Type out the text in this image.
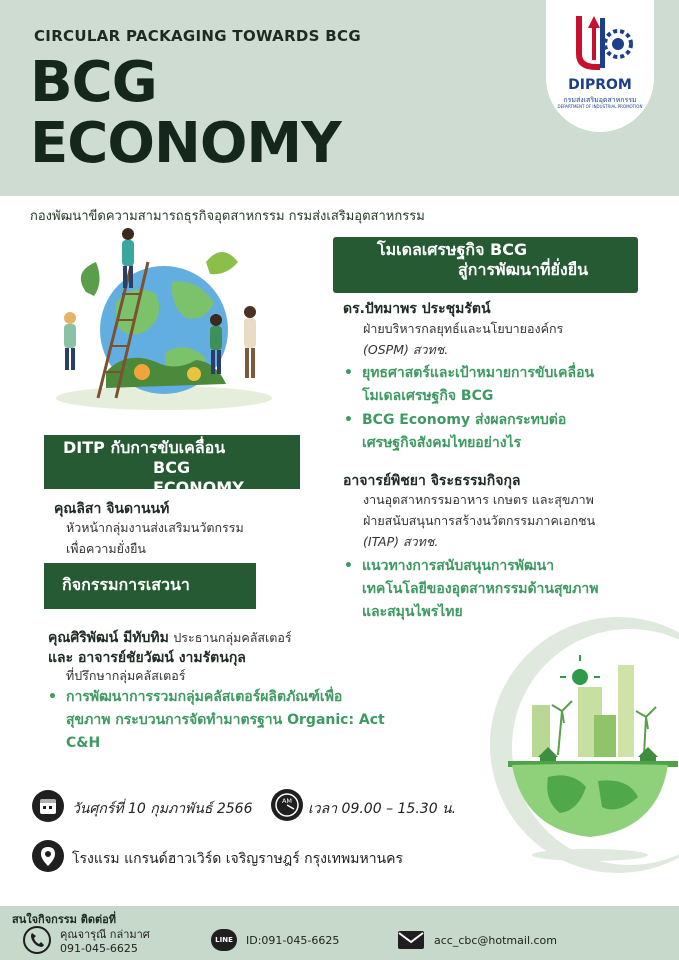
CIRCULAR PACKAGING TOWARDS BCG
BCG
ECONOMY
DIPROM
กรมส่งเสริมอุตสาหกรรม
DEPARTMENT OF INDUSTRIAL PROMOTION
กองพัฒนาขีดความสามารถธุรกิจอุตสาหกรรม กรมส่งเสริมอุตสาหกรรม
โมเดลเศรษฐกิจ BCG
สู่การพัฒนาที่ยั่งยืน
ดร.ปัทมาพร ประชุมรัตน์
ฝ่ายบริหารกลยุทธ์และนโยบายองค์กร
(OSPM) สวทช.
• ยุทธศาสตร์และเป้าหมายการขับเคลื่อน
โมเดลเศรษฐกิจ BCG
• BCG Economy ส่งผลกระทบต่อ
เศรษฐกิจสังคมไทยอย่างไร
อาจารย์พิชยา จิระธรรมกิจกุล
งานอุตสาหกรรมอาหาร เกษตร และสุขภาพ
ฝ่ายสนับสนุนการสร้างนวัตกรรมภาคเอกชน
(ITAP) สวทช.
• แนวทางการสนับสนุนการพัฒนา
เทคโนโลยีของอุตสาหกรรมด้านสุขภาพ
และสมุนไพรไทย
DITP กับการขับเคลื่อน
BCG ECONOMY
คุณลิสา จินดานนท์
หัวหน้ากลุ่มงานส่งเสริมนวัตกรรม
เพื่อความยั่งยืน
กิจกรรมการเสวนา
คุณศิริพัฒน์ มีทับทิม ประธานกลุ่มคลัสเตอร์
และ อาจารย์ชัยวัฒน์ งามรัตนกุล
ที่ปรึกษากลุ่มคลัสเตอร์
• การพัฒนาการรวมกลุ่มคลัสเตอร์ผลิตภัณฑ์เพื่อ
สุขภาพ กระบวนการจัดทำมาตรฐาน Organic: Act
C&H
วันศุกร์ที่ 10 กุมภาพันธ์ 2566	AM เวลา 09.00 – 15.30 น.
โรงแรม แกรนด์ฮาวเวิร์ด เจริญราษฎร์ กรุงเทพมหานคร
สนใจกิจกรรม ติดต่อที่
คุณจารุณี กล่ามาศ
091-045-6625
LINE	ID:091-045-6625	acc_cbc@hotmail.com
